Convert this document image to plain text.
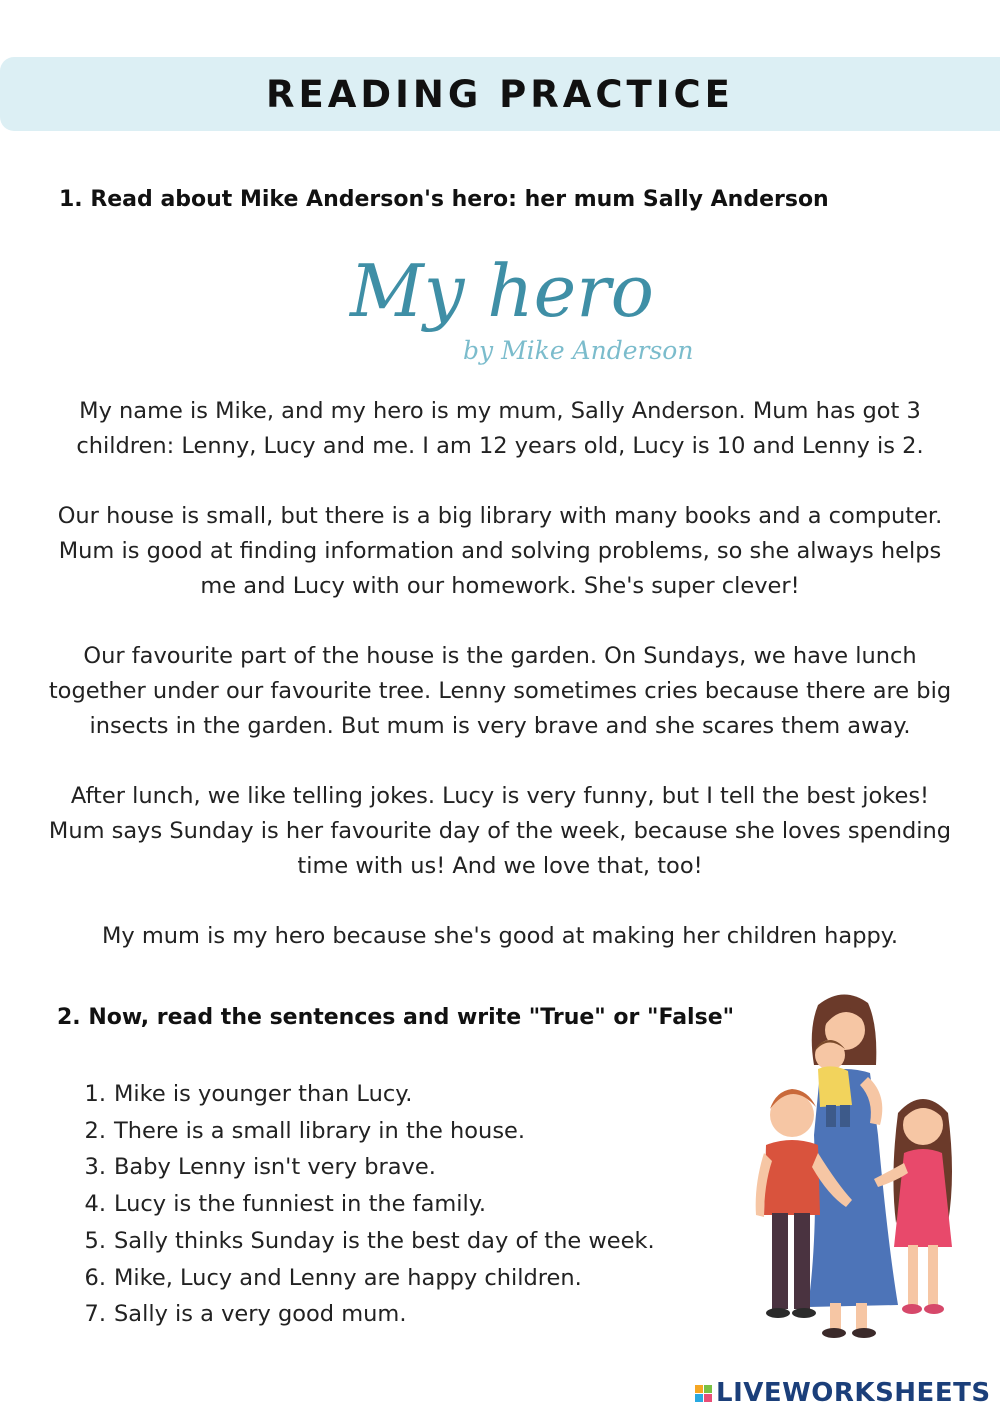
READING PRACTICE

1. Read about Mike Anderson's hero: her mum Sally Anderson

My hero

by Mike Anderson

My name is Mike, and my hero is my mum, Sally Anderson. Mum has got 3 children: Lenny, Lucy and me. I am 12 years old, Lucy is 10 and Lenny is 2.

Our house is small, but there is a big library with many books and a computer. Mum is good at finding information and solving problems, so she always helps me and Lucy with our homework. She's super clever!

Our favourite part of the house is the garden. On Sundays, we have lunch together under our favourite tree. Lenny sometimes cries because there are big insects in the garden. But mum is very brave and she scares them away.

After lunch, we like telling jokes. Lucy is very funny, but I tell the best jokes! Mum says Sunday is her favourite day of the week, because she loves spending time with us! And we love that, too!

My mum is my hero because she's good at making her children happy.

2. Now, read the sentences and write "True" or "False"

1. Mike is younger than Lucy.
2. There is a small library in the house.
3. Baby Lenny isn't very brave.
4. Lucy is the funniest in the family.
5. Sally thinks Sunday is the best day of the week.
6. Mike, Lucy and Lenny are happy children.
7. Sally is a very good mum.
LIVEWORKSHEETS
